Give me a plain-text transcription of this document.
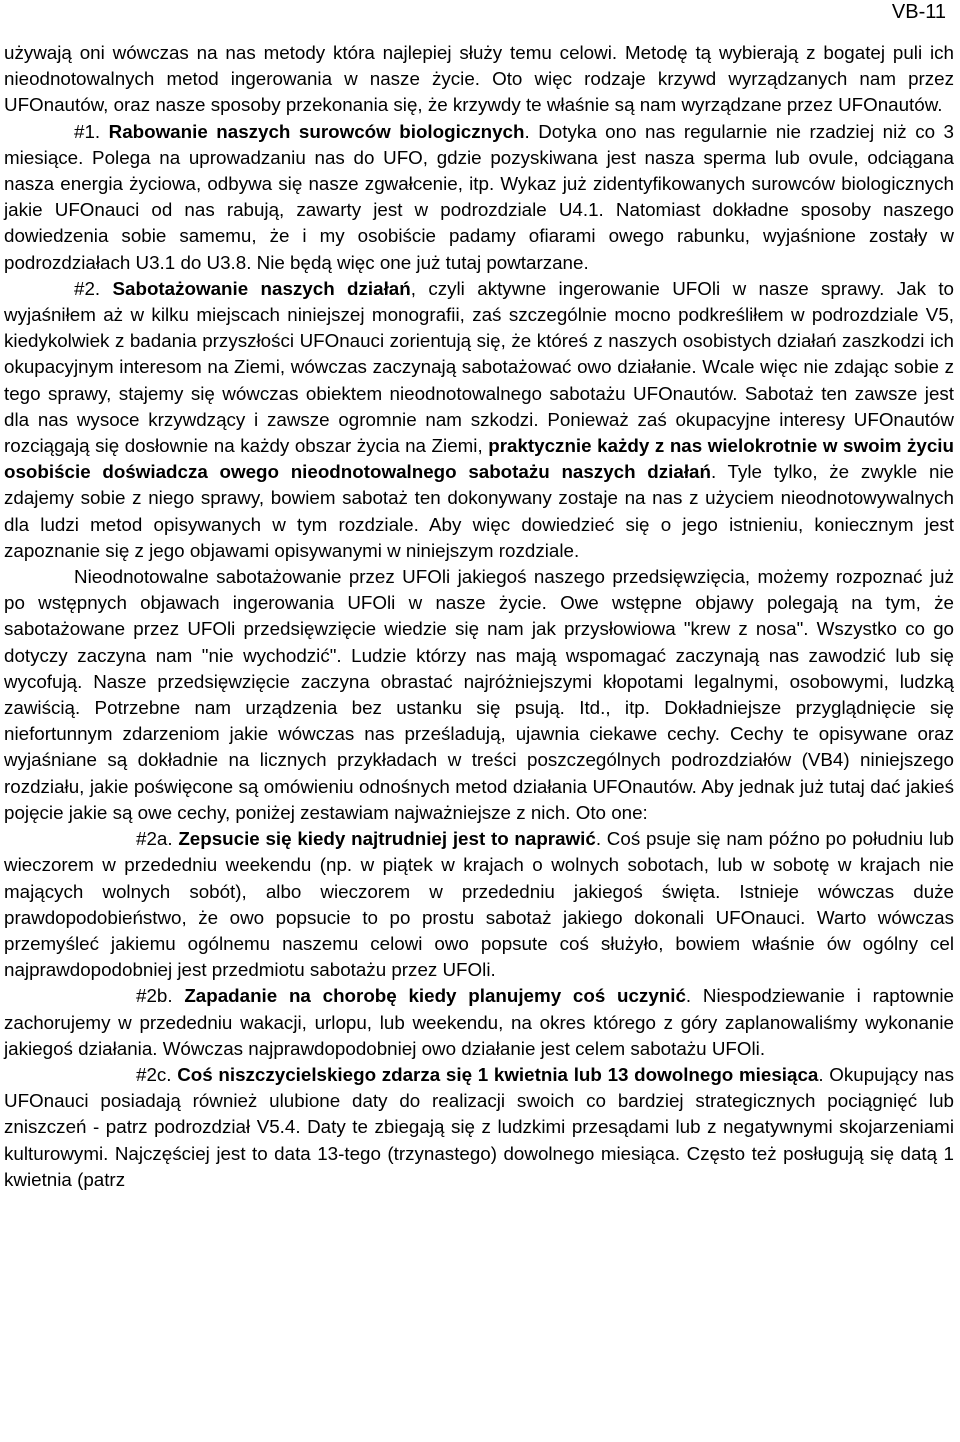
VB-11

używają oni wówczas na nas metody która najlepiej służy temu celowi. Metodę tą wybierają z bogatej puli ich nieodnotowalnych metod ingerowania w nasze życie. Oto więc rodzaje krzywd wyrządzanych nam przez UFOnautów, oraz nasze sposoby przekonania się, że krzywdy te właśnie są nam wyrządzane przez UFOnautów.

#1. Rabowanie naszych surowców biologicznych. Dotyka ono nas regularnie nie rzadziej niż co 3 miesiące. Polega na uprowadzaniu nas do UFO, gdzie pozyskiwana jest nasza sperma lub ovule, odciągana nasza energia życiowa, odbywa się nasze zgwałcenie, itp. Wykaz już zidentyfikowanych surowców biologicznych jakie UFOnauci od nas rabują, zawarty jest w podrozdziale U4.1. Natomiast dokładne sposoby naszego dowiedzenia sobie samemu, że i my osobiście padamy ofiarami owego rabunku, wyjaśnione zostały w podrozdziałach U3.1 do U3.8. Nie będą więc one już tutaj powtarzane.

#2. Sabotażowanie naszych działań, czyli aktywne ingerowanie UFOli w nasze sprawy. Jak to wyjaśniłem aż w kilku miejscach niniejszej monografii, zaś szczególnie mocno podkreśliłem w podrozdziale V5, kiedykolwiek z badania przyszłości UFOnauci zorientują się, że któreś z naszych osobistych działań zaszkodzi ich okupacyjnym interesom na Ziemi, wówczas zaczynają sabotażować owo działanie. Wcale więc nie zdając sobie z tego sprawy, stajemy się wówczas obiektem nieodnotowalnego sabotażu UFOnautów. Sabotaż ten zawsze jest dla nas wysoce krzywdzący i zawsze ogromnie nam szkodzi. Ponieważ zaś okupacyjne interesy UFOnautów rozciągają się dosłownie na każdy obszar życia na Ziemi, praktycznie każdy z nas wielokrotnie w swoim życiu osobiście doświadcza owego nieodnotowalnego sabotażu naszych działań. Tyle tylko, że zwykle nie zdajemy sobie z niego sprawy, bowiem sabotaż ten dokonywany zostaje na nas z użyciem nieodnotowywalnych dla ludzi metod opisywanych w tym rozdziale. Aby więc dowiedzieć się o jego istnieniu, koniecznym jest zapoznanie się z jego objawami opisywanymi w niniejszym rozdziale.

Nieodnotowalne sabotażowanie przez UFOli jakiegoś naszego przedsięwzięcia, możemy rozpoznać już po wstępnych objawach ingerowania UFOli w nasze życie. Owe wstępne objawy polegają na tym, że sabotażowane przez UFOli przedsięwzięcie wiedzie się nam jak przysłowiowa "krew z nosa". Wszystko co go dotyczy zaczyna nam "nie wychodzić". Ludzie którzy nas mają wspomagać zaczynają nas zawodzić lub się wycofują. Nasze przedsięwzięcie zaczyna obrastać najróżniejszymi kłopotami legalnymi, osobowymi, ludzką zawiścią. Potrzebne nam urządzenia bez ustanku się psują. Itd., itp. Dokładniejsze przyglądnięcie się niefortunnym zdarzeniom jakie wówczas nas prześladują, ujawnia ciekawe cechy. Cechy te opisywane oraz wyjaśniane są dokładnie na licznych przykładach w treści poszczególnych podrozdziałów (VB4) niniejszego rozdziału, jakie poświęcone są omówieniu odnośnych metod działania UFOnautów. Aby jednak już tutaj dać jakieś pojęcie jakie są owe cechy, poniżej zestawiam najważniejsze z nich. Oto one:

#2a. Zepsucie się kiedy najtrudniej jest to naprawić. Coś psuje się nam późno po południu lub wieczorem w przededniu weekendu (np. w piątek w krajach o wolnych sobotach, lub w sobotę w krajach nie mających wolnych sobót), albo wieczorem w przededniu jakiegoś święta. Istnieje wówczas duże prawdopodobieństwo, że owo popsucie to po prostu sabotaż jakiego dokonali UFOnauci. Warto wówczas przemyśleć jakiemu ogólnemu naszemu celowi owo popsute coś służyło, bowiem właśnie ów ogólny cel najprawdopodobniej jest przedmiotu sabotażu przez UFOli.

#2b. Zapadanie na chorobę kiedy planujemy coś uczynić. Niespodziewanie i raptownie zachorujemy w przededniu wakacji, urlopu, lub weekendu, na okres którego z góry zaplanowaliśmy wykonanie jakiegoś działania. Wówczas najprawdopodobniej owo działanie jest celem sabotażu UFOli.

#2c. Coś niszczycielskiego zdarza się 1 kwietnia lub 13 dowolnego miesiąca. Okupujący nas UFOnauci posiadają również ulubione daty do realizacji swoich co bardziej strategicznych pociągnięć lub zniszczeń - patrz podrozdział V5.4. Daty te zbiegają się z ludzkimi przesądami lub z negatywnymi skojarzeniami kulturowymi. Najczęściej jest to data 13-tego (trzynastego) dowolnego miesiąca. Często też posługują się datą 1 kwietnia (patrz
